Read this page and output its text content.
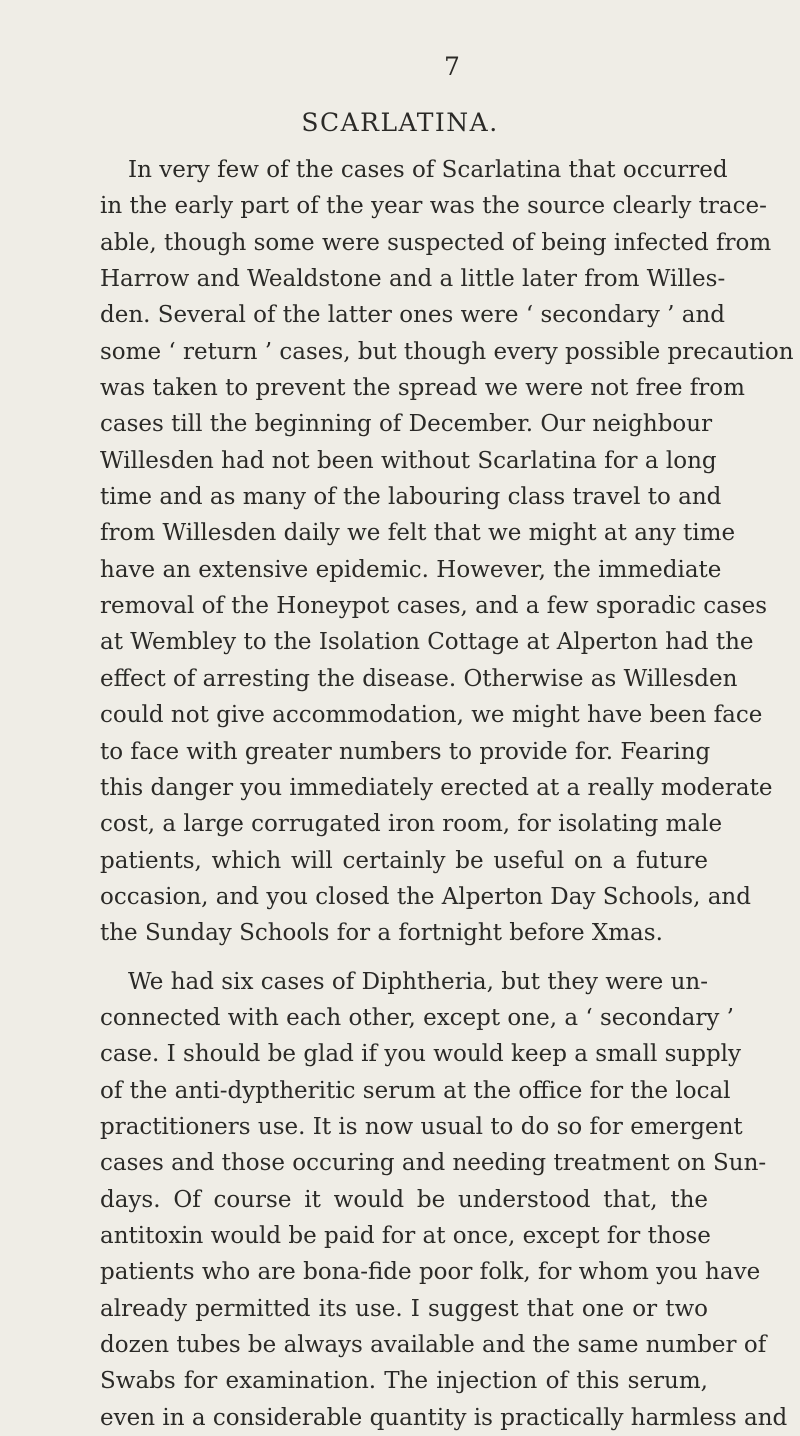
7
SCARLATINA.
In very few of the cases of Scarlatina that occurred
in the early part of the year was the source clearly trace-
able, though some were suspected of being infected from
Harrow and Wealdstone and a little later from Willes-
den. Several of the latter ones were ‘ secondary ’ and
some ‘ return ’ cases, but though every possible precaution
was taken to prevent the spread we were not free from
cases till the beginning of December. Our neighbour
Willesden had not been without Scarlatina for a long
time and as many of the labouring class travel to and
from Willesden daily we felt that we might at any time
have an extensive epidemic. However, the immediate
removal of the Honeypot cases, and a few sporadic cases
at Wembley to the Isolation Cottage at Alperton had the
effect of arresting the disease. Otherwise as Willesden
could not give accommodation, we might have been face
to face with greater numbers to provide for. Fearing
this danger you immediately erected at a really moderate
cost, a large corrugated iron room, for isolating male
patients, which will certainly be useful on a future
occasion, and you closed the Alperton Day Schools, and
the Sunday Schools for a fortnight before Xmas.
We had six cases of Diphtheria, but they were un-
connected with each other, except one, a ‘ secondary ’
case. I should be glad if you would keep a small supply
of the anti-dyptheritic serum at the office for the local
practitioners use. It is now usual to do so for emergent
cases and those occuring and needing treatment on Sun-
days. Of course it would be understood that, the
antitoxin would be paid for at once, except for those
patients who are bona-fide poor folk, for whom you have
already permitted its use. I suggest that one or two
dozen tubes be always available and the same number of
Swabs for examination. The injection of this serum,
even in a considerable quantity is practically harmless and
